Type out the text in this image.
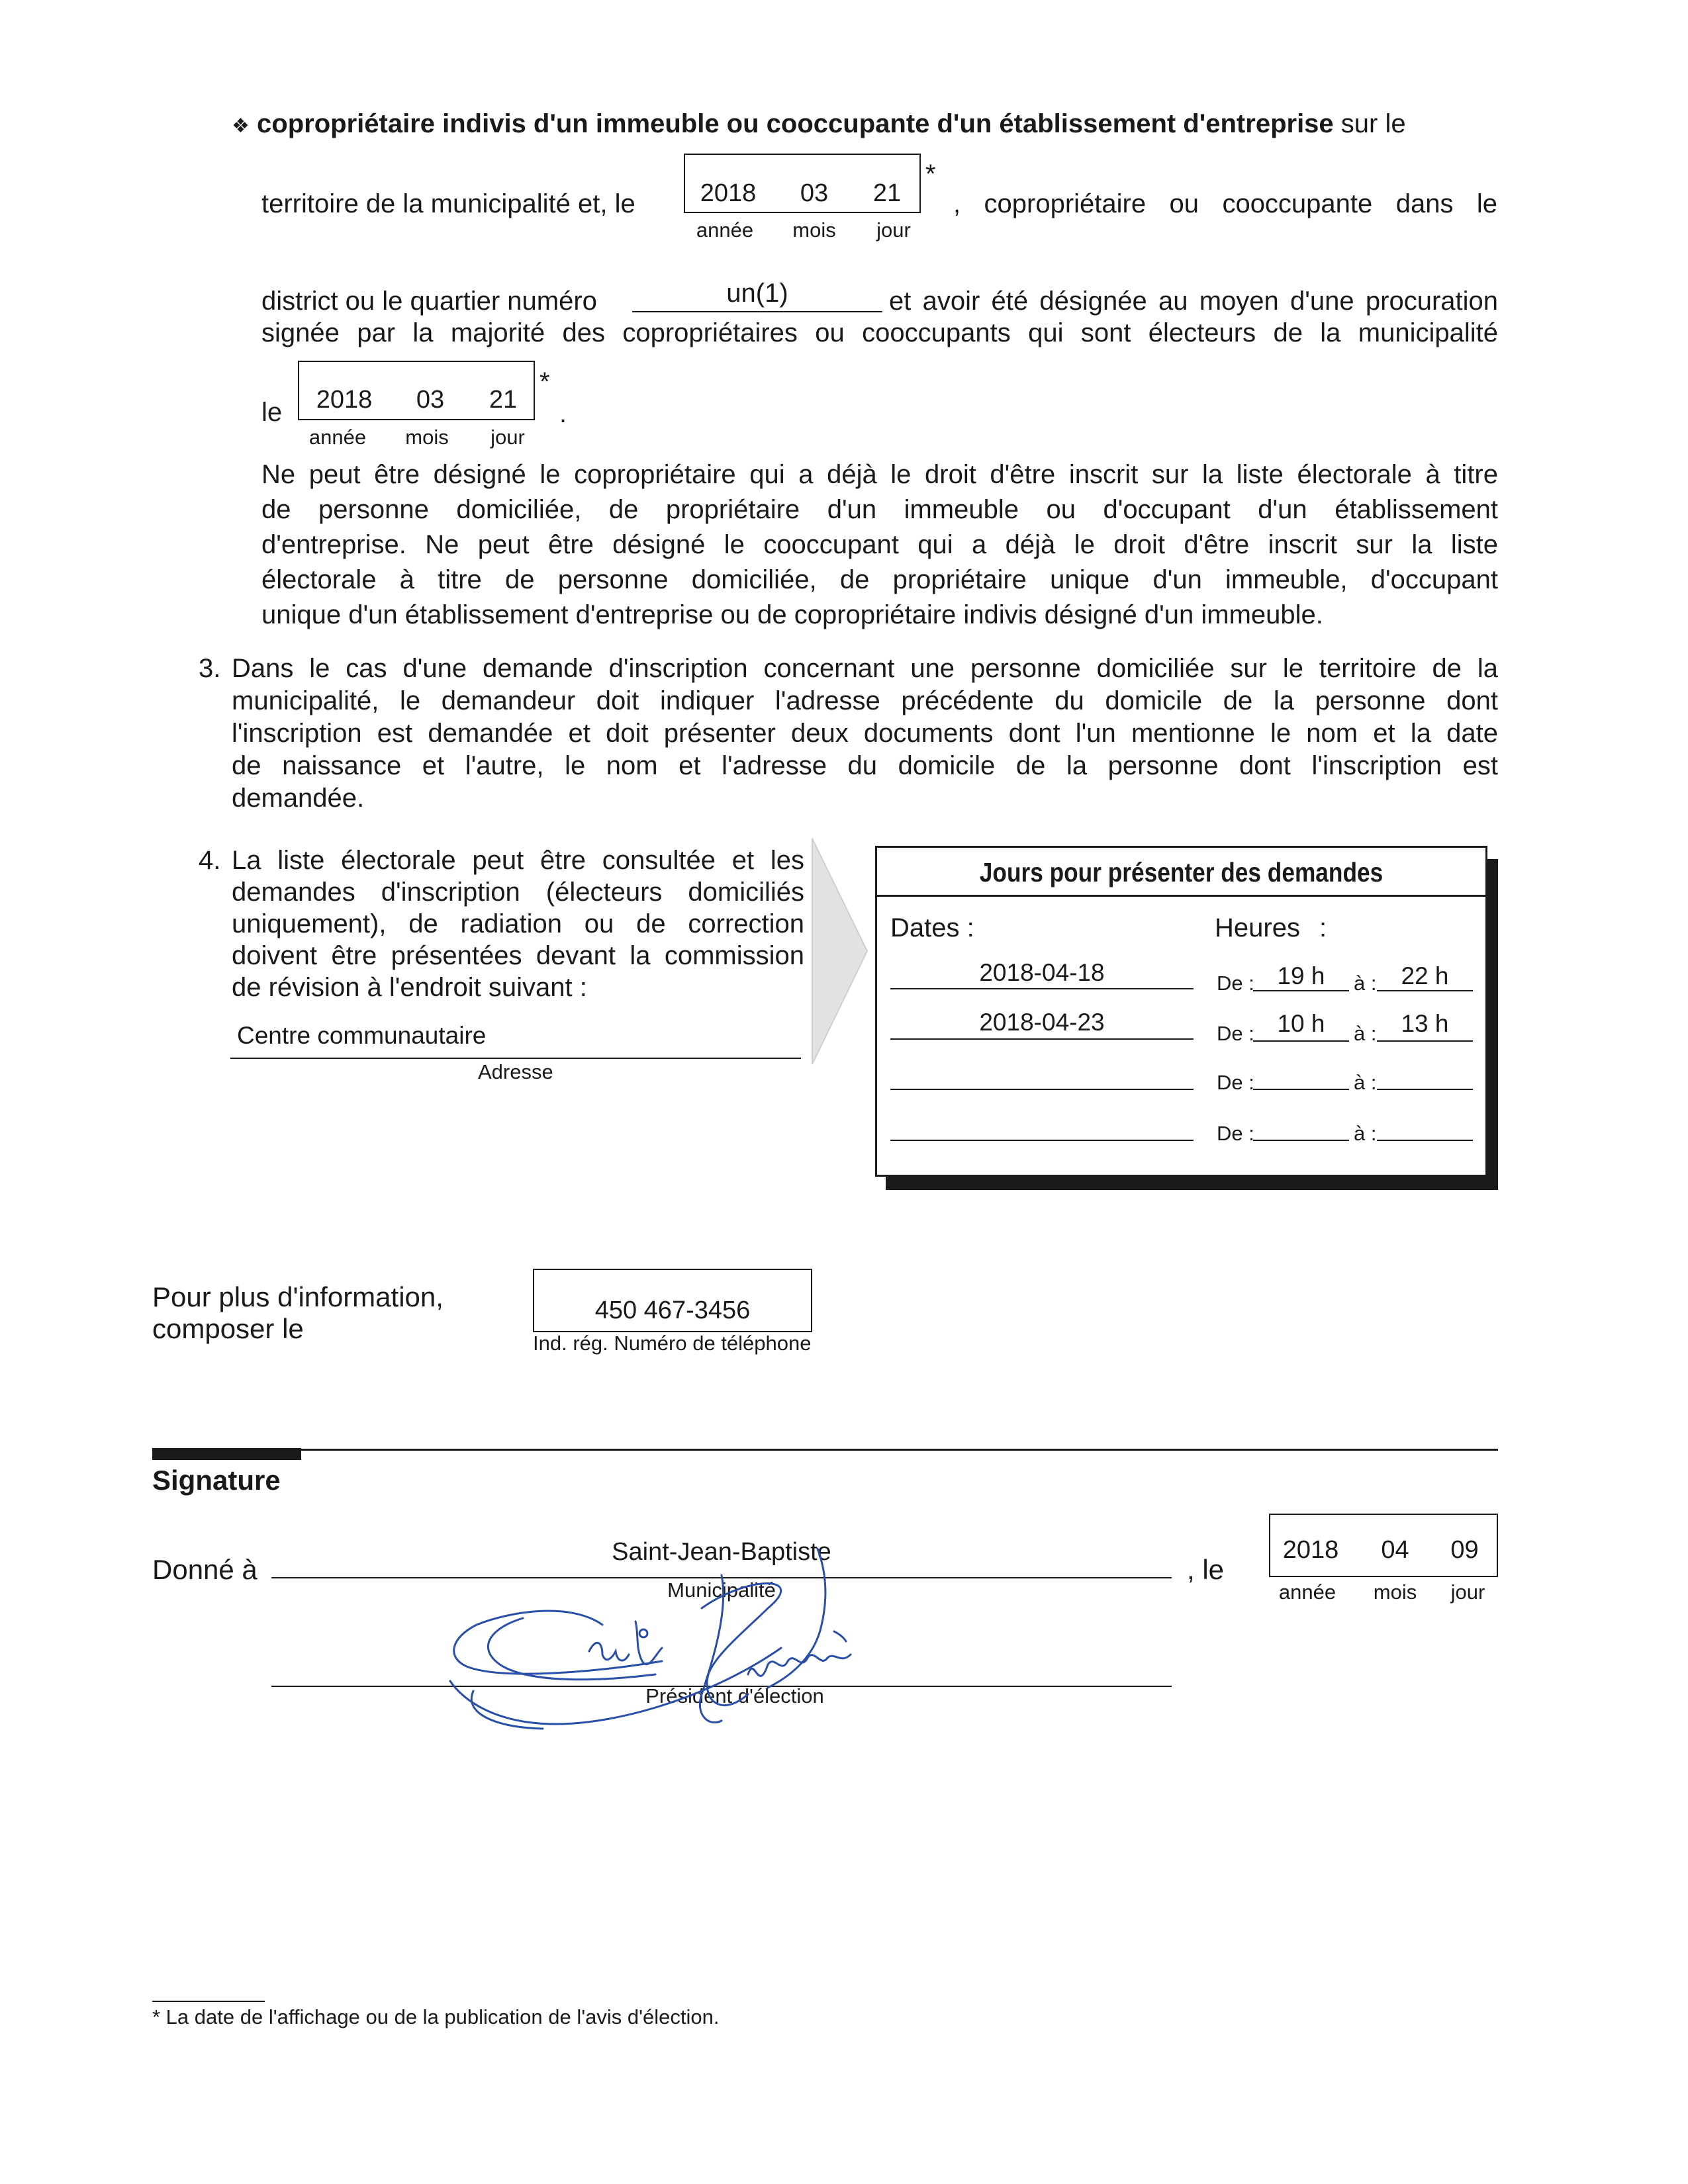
❖ copropriétaire indivis d'un immeuble ou cooccupante d'un établissement d'entreprise sur le
territoire de la municipalité et, le	2018	03	21
année	mois	jour
*
, copropriétaire ou cooccupante dans le
district ou le quartier numéro	un(1)	et avoir été désignée au moyen d'une procuration
signée par la majorité des copropriétaires ou cooccupants qui sont électeurs de la municipalité
le	2018	03	21
année	mois	jour
*
.
Ne peut être désigné le copropriétaire qui a déjà le droit d'être inscrit sur la liste électorale à titre
de personne domiciliée, de propriétaire d'un immeuble ou d'occupant d'un établissement
d'entreprise. Ne peut être désigné le cooccupant qui a déjà le droit d'être inscrit sur la liste
électorale à titre de personne domiciliée, de propriétaire unique d'un immeuble, d'occupant
unique d'un établissement d'entreprise ou de copropriétaire indivis désigné d'un immeuble.
3. Dans le cas d'une demande d'inscription concernant une personne domiciliée sur le territoire de la
municipalité, le demandeur doit indiquer l'adresse précédente du domicile de la personne dont
l'inscription est demandée et doit présenter deux documents dont l'un mentionne le nom et la date
de naissance et l'autre, le nom et l'adresse du domicile de la personne dont l'inscription est
demandée.
4. La liste électorale peut être consultée et les
demandes d'inscription (électeurs domiciliés
uniquement), de radiation ou de correction
doivent être présentées devant la commission
de révision à l'endroit suivant :
Centre communautaire
Adresse
Jours pour présenter des demandes
Dates :	Heures :
2018-04-18	De : 19 h	à :	22 h
2018-04-23	De : 10 h	à :	13 h
De :	à :
De :	à :
Pour plus d'information,
composer le
450 467-3456
Ind. rég. Numéro de téléphone
Signature
Donné à
Saint-Jean-Baptiste
Municipalité
, le
2018	04	09
année	mois	jour
Président d'élection
* La date de l'affichage ou de la publication de l'avis d'élection.
